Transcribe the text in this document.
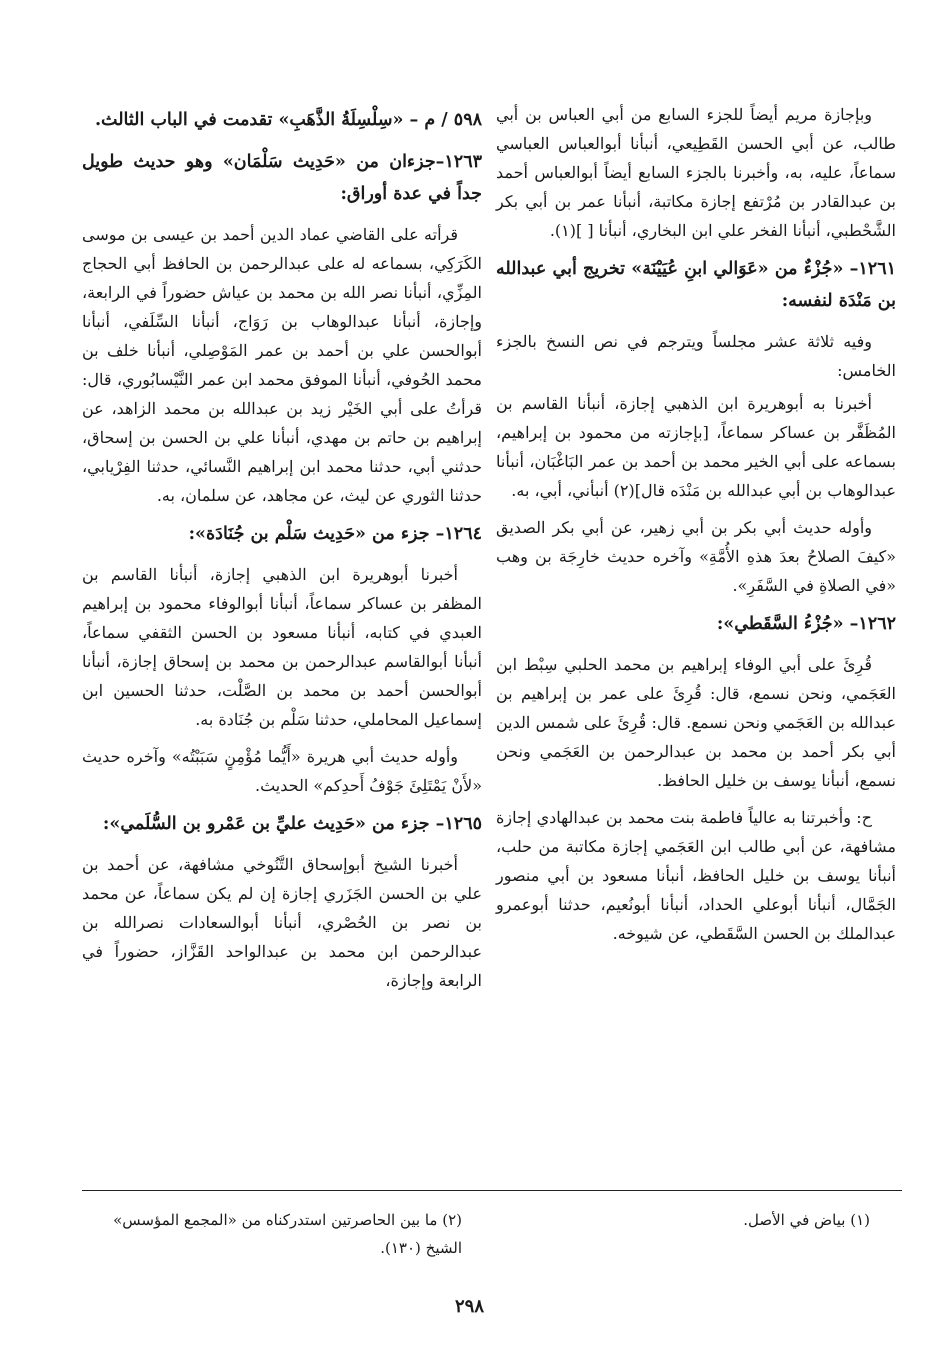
وبإجازة مريم أيضاً للجزء السابع من أبي العباس بن أبي طالب، عن أبي الحسن القَطِيعي، أنبأنا أبوالعباس العباسي سماعاً، عليه، به، وأخبرنا بالجزء السابع أيضاً أبوالعباس أحمد بن عبدالقادر بن مُرْتفع إجازة مكاتبة، أنبأنا عمر بن أبي بكر الشَّحْطبي، أنبأنا الفخر علي ابن البخاري، أنبأنا [ ](١).

١٢٦١– «جُزْءٌ من «عَوَالي ابنِ عُيَيْنَة» تخريج أبي عبدالله بن مَنْدَة لنفسه:

وفيه ثلاثة عشر مجلساً ويترجم في نص النسخ بالجزء الخامس:

أخبرنا به أبوهريرة ابن الذهبي إجازة، أنبأنا القاسم بن المُظَفَّر بن عساكر سماعاً، [بإجازته من محمود بن إبراهيم، بسماعه على أبي الخير محمد بن أحمد بن عمر البَاغْبَان، أنبأنا عبدالوهاب بن أبي عبدالله بن مَنْدَه قال](٢) أنبأني، أبي، به.

وأوله حديث أبي بكر بن أبي زهير، عن أبي بكر الصديق «كيفَ الصلاحُ بعدَ هذهِ الأُمَّةِ» وآخره حديث خارِجَة بن وهب «في الصلاةِ في السَّفَرِ».

١٢٦٢– «جُزْءُ السَّقَطي»:

قُرِئَ على أبي الوفاء إبراهيم بن محمد الحلبي سِبْط ابن العَجَمي، ونحن نسمع، قال: قُرِئَ على عمر بن إبراهيم بن عبدالله بن العَجَمي ونحن نسمع. قال: قُرِئَ على شمس الدين أبي بكر أحمد بن محمد بن عبدالرحمن بن العَجَمي ونحن نسمع، أنبأنا يوسف بن خليل الحافظ.

ح: وأخبرتنا به عالياً فاطمة بنت محمد بن عبدالهادي إجازة مشافهة، عن أبي طالب ابن العَجَمي إجازة مكاتبة من حلب، أنبأنا يوسف بن خليل الحافظ، أنبأنا مسعود بن أبي منصور الجَمَّال، أنبأنا أبوعلي الحداد، أنبأنا أبونُعيم، حدثنا أبوعمرو عبدالملك بن الحسن السَّقَطي، عن شيوخه.

٥٩٨ / م – «سِلْسِلَةُ الذَّهَبِ» تقدمت في الباب الثالث.

١٢٦٣–جزءان من «حَدِيث سَلْمَان» وهو حديث طويل جداً في عدة أوراق:

قرأته على القاضي عماد الدين أحمد بن عيسى بن موسى الكَرَكِي، بسماعه له على عبدالرحمن بن الحافظ أبي الحجاج المِزِّي، أنبأنا نصر الله بن محمد بن عياش حضوراً في الرابعة، وإجازة، أنبأنا عبدالوهاب بن رَوَاج، أنبأنا السِّلَفي، أنبأنا أبوالحسن علي بن أحمد بن عمر المَوْصِلي، أنبأنا خلف بن محمد الحُوفي، أنبأنا الموفق محمد ابن عمر النَّيْسابُوري، قال: قرأتُ على أبي الخَيْر زيد بن عبدالله بن محمد الزاهد، عن إبراهيم بن حاتم بن مهدي، أنبأنا علي بن الحسن بن إسحاق، حدثني أبي، حدثنا محمد ابن إبراهيم النَّسائي، حدثنا الفِرْيابي، حدثنا الثوري عن ليث، عن مجاهد، عن سلمان، به.

١٢٦٤– جزء من «حَدِيث سَلْم بن جُنَادَة»:

أخبرنا أبوهريرة ابن الذهبي إجازة، أنبأنا القاسم بن المظفر بن عساكر سماعاً، أنبأنا أبوالوفاء محمود بن إبراهيم العبدي في كتابه، أنبأنا مسعود بن الحسن الثقفي سماعاً، أنبأنا أبوالقاسم عبدالرحمن بن محمد بن إسحاق إجازة، أنبأنا أبوالحسن أحمد بن محمد بن الصَّلْت، حدثنا الحسين ابن إسماعيل المحاملي، حدثنا سَلْم بن جُنَادة به.

وأوله حديث أبي هريرة «أَيُّما مُؤْمِنٍ سَبَبْتُه» وآخره حديث «لأَنْ يَمْتَلِئَ جَوْفُ أَحدِكم» الحديث.

١٢٦٥– جزء من «حَدِيث عليِّ بن عَمْرو بن السُّلَمي»:

أخبرنا الشيخ أبوإسحاق التَّنُوخي مشافهة، عن أحمد بن علي بن الحسن الجَزَري إجازة إن لم يكن سماعاً، عن محمد بن نصر بن الحُصْري، أنبأنا أبوالسعادات نصرالله بن عبدالرحمن ابن محمد بن عبدالواحد القَزَّاز، حضوراً في الرابعة وإجازة،

(١) بياض في الأصل.
(٢) ما بين الحاصرتين استدركناه من «المجمع المؤسس» الشيخ (١٣٠).
٢٩٨
